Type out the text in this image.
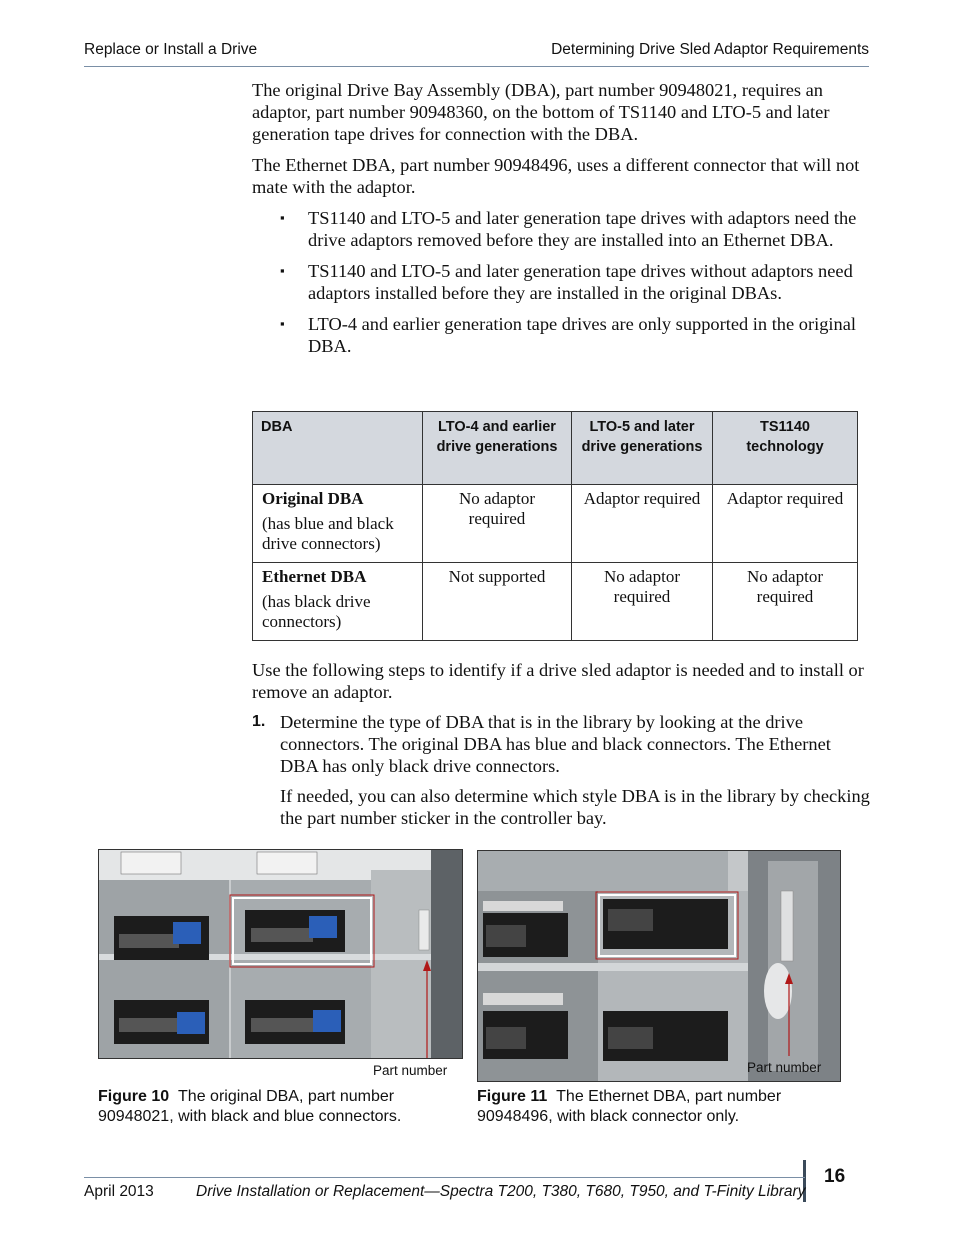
Replace or Install a Drive	Determining Drive Sled Adaptor Requirements

The original Drive Bay Assembly (DBA), part number 90948021, requires an adaptor, part number 90948360, on the bottom of TS1140 and LTO-5 and later generation tape drives for connection with the DBA.

The Ethernet DBA, part number 90948496, uses a different connector that will not mate with the adaptor.

▪ TS1140 and LTO-5 and later generation tape drives with adaptors need the drive adaptors removed before they are installed into an Ethernet DBA.
▪ TS1140 and LTO-5 and later generation tape drives without adaptors need adaptors installed before they are installed in the original DBAs.
▪ LTO-4 and earlier generation tape drives are only supported in the original DBA.
DBA	LTO-4 and earlier drive generations	LTO-5 and later drive generations	TS1140 technology

Original DBA
(has blue and black drive connectors)	No adaptor required	Adaptor required	Adaptor required

Ethernet DBA
(has black drive connectors)	Not supported	No adaptor required	No adaptor required

Use the following steps to identify if a drive sled adaptor is needed and to install or remove an adaptor.

1. Determine the type of DBA that is in the library by looking at the drive connectors. The original DBA has blue and black connectors. The Ethernet DBA has only black drive connectors.

If needed, you can also determine which style DBA is in the library by checking the part number sticker in the controller bay.

Part number
Figure 10 The original DBA, part number 90948021, with black and blue connectors.
Part number
Figure 11 The Ethernet DBA, part number 90948496, with black connector only.
April 2013	Drive Installation or Replacement—Spectra T200, T380, T680, T950, and T-Finity Library
16
